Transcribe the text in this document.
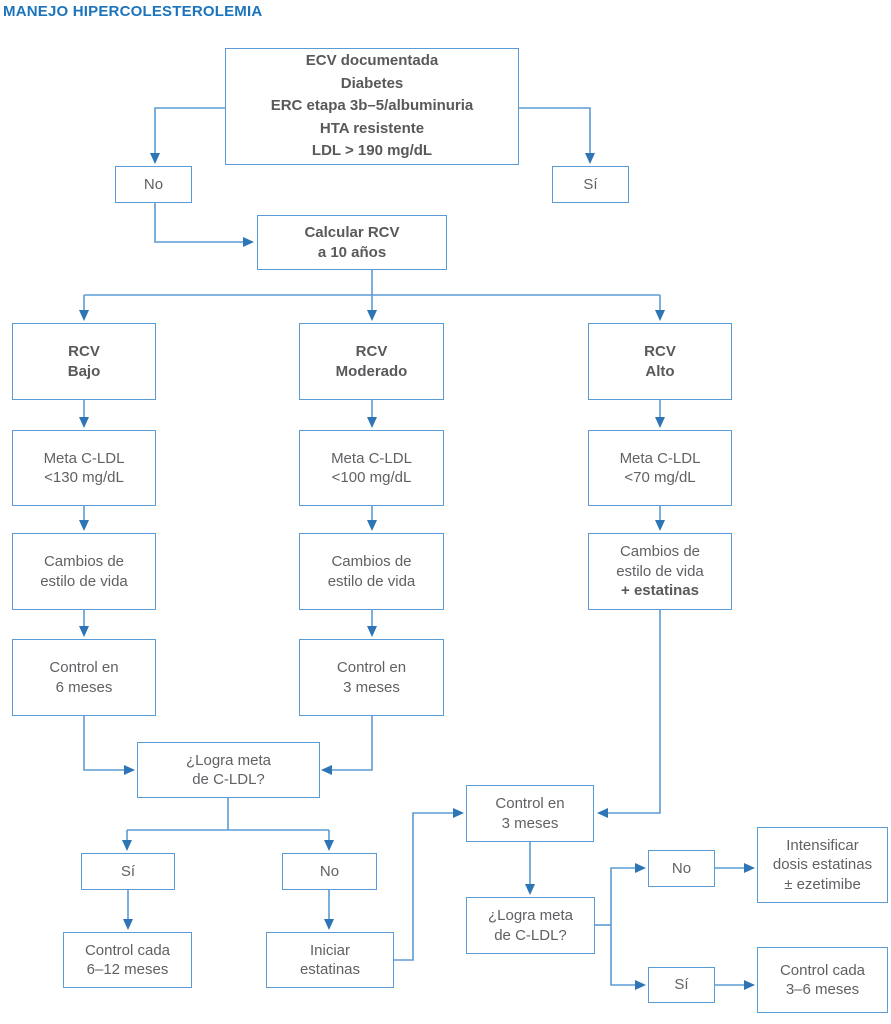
MANEJO HIPERCOLESTEROLEMIA
ECV documentada
Diabetes
ERC etapa 3b–5/albuminuria
HTA resistente
LDL > 190 mg/dL
No	Sí
Calcular RCV
a 10 años
RCV
Bajo
RCV
Moderado
RCV
Alto
Meta C-LDL
<130 mg/dL
Meta C-LDL
<100 mg/dL
Meta C-LDL
<70 mg/dL
Cambios de
estilo de vida
Cambios de
estilo de vida
Cambios de
estilo de vida
+ estatinas
Control en
6 meses
Control en
3 meses
¿Logra meta
de C-LDL?
Sí	No
Control cada
6–12 meses
Iniciar
estatinas
Control en
3 meses
¿Logra meta
de C-LDL?
No
Sí
Intensificar
dosis estatinas
± ezetimibe
Control cada
3–6 meses
